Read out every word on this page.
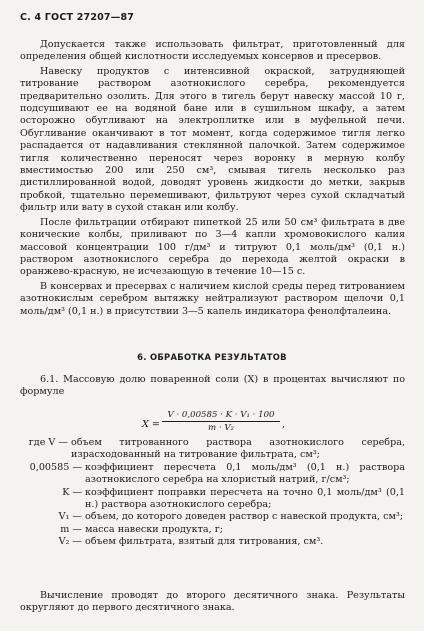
С. 4 ГОСТ 27207—87

Допускается также использовать фильтрат, приготовленный для определения общей кислотности исследуемых консервов и пресервов.

Навеску продуктов с интенсивной окраской, затрудняющей титрование раствором азотнокислого серебра, рекомендуется предварительно озолить. Для этого в тигель берут навеску массой 10 г, подсушивают ее на водяной бане или в сушильном шкафу, а затем осторожно обугливают на электроплитке или в муфельной печи. Обугливание оканчивают в тот момент, когда содержимое тигля легко распадается от надавливания стеклянной палочкой. Затем содержимое тигля количественно переносят через воронку в мерную колбу вместимостью 200 или 250 см³, смывая тигель несколько раз дистиллированной водой, доводят уровень жидкости до метки, закрыв пробкой, тщательно перемешивают, фильтруют через сухой складчатый фильтр или вату в сухой стакан или колбу.

После фильтрации отбирают пипеткой 25 или 50 см³ фильтрата в две конические колбы, приливают по 3—4 капли хромовокислого калия массовой концентрации 100 г/дм³ и титруют 0,1 моль/дм³ (0,1 н.) раствором азотнокислого серебра до перехода желтой окраски в оранжево-красную, не исчезающую в течение 10—15 с.

В консервах и пресервах с наличием кислой среды перед титрованием азотнокислым серебром вытяжку нейтрализуют раствором щелочи 0,1 моль/дм³ (0,1 н.) в присутствии 3—5 капель индикатора фенолфталеина.

6. ОБРАБОТКА РЕЗУЛЬТАТОВ

6.1. Массовую долю поваренной соли (X) в процентах вычисляют по формуле

$X = \frac{\text{V · 0,00585 · K · V₁ · 100}}{\text{m · V₂}}$ ,
где V — объем титрованного раствора азотнокислого серебра, израсходованный на титрование фильтрата, см³;
0,00585 — коэффициент пересчета 0,1 моль/дм³ (0,1 н.) раствора азотнокислого серебра на хлористый натрий, г/см³;
K — коэффициент поправки пересчета на точно 0,1 моль/дм³ (0,1 н.) раствора азотнокислого серебра;
V₁ — объем, до которого доведен раствор с навеской продукта, см³;
m — масса навески продукта, г;
V₂ — объем фильтрата, взятый для титрования, см³.

Вычисление проводят до второго десятичного знака. Результаты округляют до первого десятичного знака.
